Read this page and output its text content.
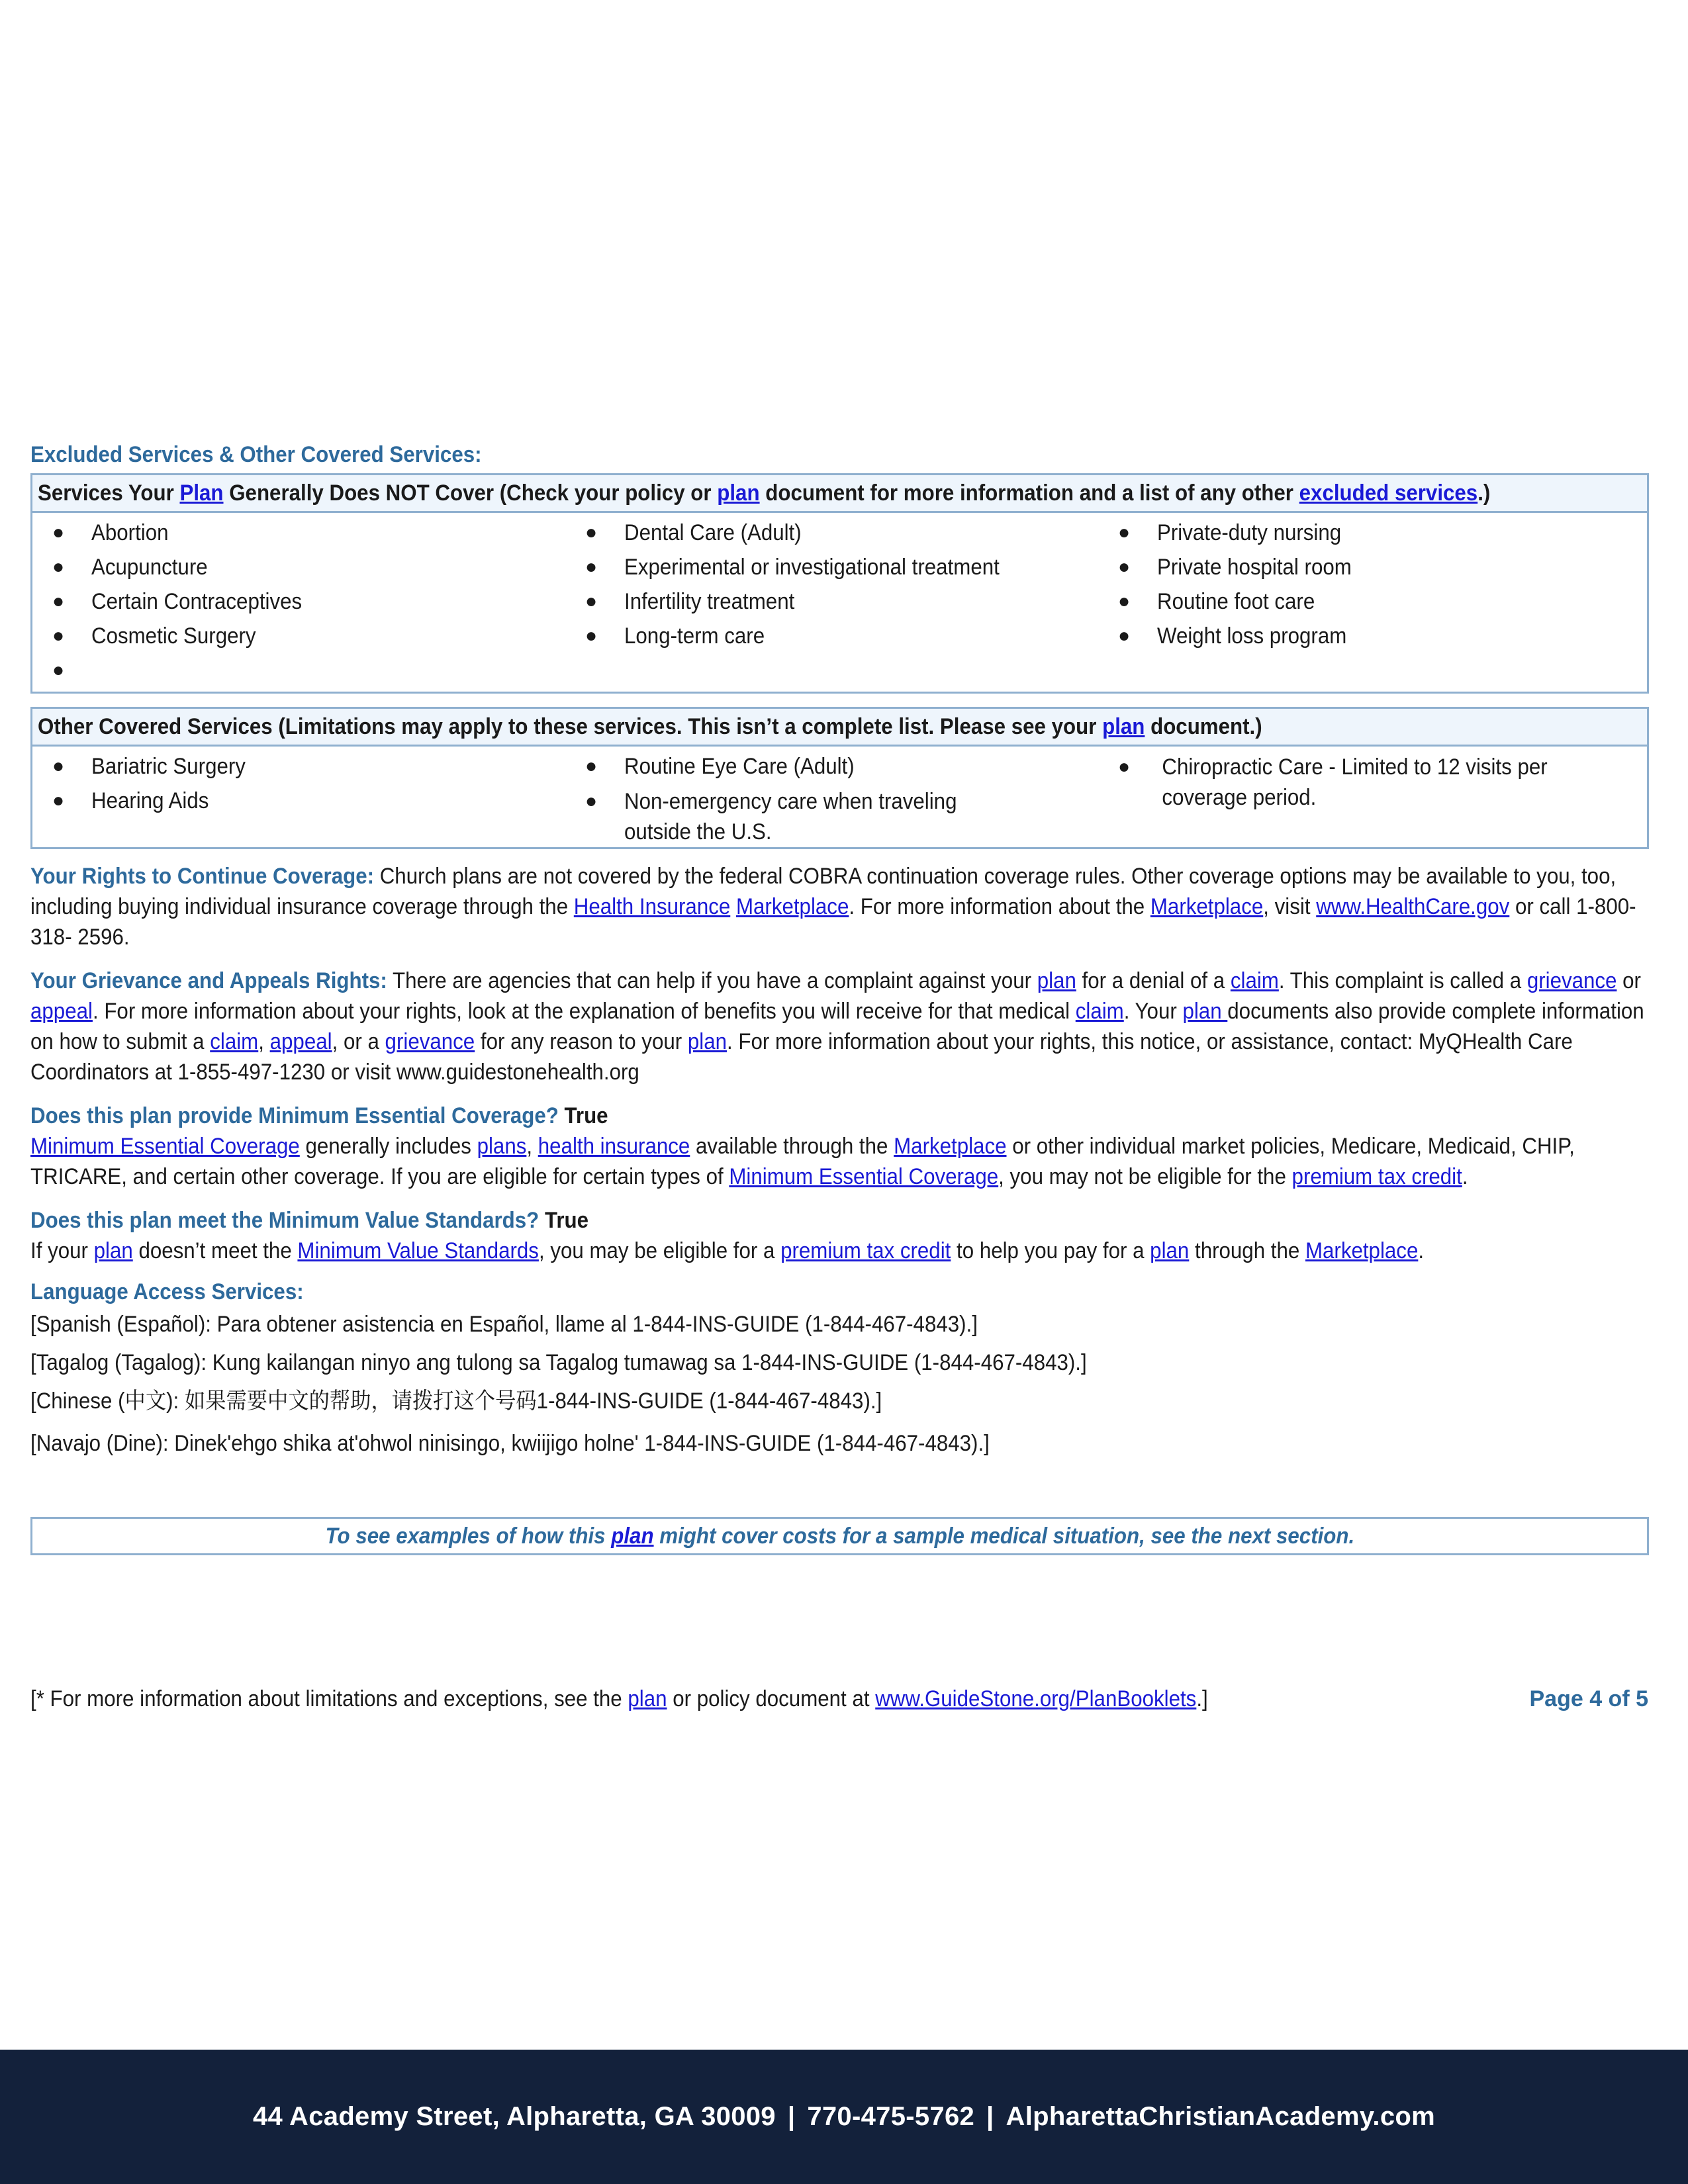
Excluded Services & Other Covered Services:
Services Your Plan Generally Does NOT Cover (Check your policy or plan document for more information and a list of any other excluded services.)
● Abortion
● Acupuncture
● Certain Contraceptives
● Cosmetic Surgery
●
● Dental Care (Adult)
● Experimental or investigational treatment
● Infertility treatment
● Long-term care
● Private-duty nursing
● Private hospital room
● Routine foot care
● Weight loss program
Other Covered Services (Limitations may apply to these services. This isn’t a complete list. Please see your plan document.)
● Bariatric Surgery
● Hearing Aids
● Routine Eye Care (Adult)
● Non-emergency care when traveling outside the U.S.
● Chiropractic Care - Limited to 12 visits per coverage period.

Your Rights to Continue Coverage: Church plans are not covered by the federal COBRA continuation coverage rules. Other coverage options may be available to you, too, including buying individual insurance coverage through the Health Insurance Marketplace. For more information about the Marketplace, visit www.HealthCare.gov or call 1-800-318- 2596.

Your Grievance and Appeals Rights: There are agencies that can help if you have a complaint against your plan for a denial of a claim. This complaint is called a grievance or appeal. For more information about your rights, look at the explanation of benefits you will receive for that medical claim. Your plan documents also provide complete information on how to submit a claim, appeal, or a grievance for any reason to your plan. For more information about your rights, this notice, or assistance, contact: MyQHealth Care Coordinators at 1-855-497-1230 or visit www.guidestonehealth.org

Does this plan provide Minimum Essential Coverage? True
Minimum Essential Coverage generally includes plans, health insurance available through the Marketplace or other individual market policies, Medicare, Medicaid, CHIP, TRICARE, and certain other coverage. If you are eligible for certain types of Minimum Essential Coverage, you may not be eligible for the premium tax credit.

Does this plan meet the Minimum Value Standards? True
If your plan doesn’t meet the Minimum Value Standards, you may be eligible for a premium tax credit to help you pay for a plan through the Marketplace.

Language Access Services:
[Spanish (Español): Para obtener asistencia en Español, llame al 1-844-INS-GUIDE (1-844-467-4843).]
[Tagalog (Tagalog): Kung kailangan ninyo ang tulong sa Tagalog tumawag sa 1-844-INS-GUIDE (1-844-467-4843).]
[Chinese (中文): 如果需要中文的帮助，请拨打这个号码1-844-INS-GUIDE (1-844-467-4843).]
[Navajo (Dine): Dinek'ehgo shika at'ohwol ninisingo, kwiijigo holne' 1-844-INS-GUIDE (1-844-467-4843).]
To see examples of how this plan might cover costs for a sample medical situation, see the next section.
[* For more information about limitations and exceptions, see the plan or policy document at www.GuideStone.org/PlanBooklets.]	Page 4 of 5
44 Academy Street, Alpharetta, GA 30009 | 770-475-5762 | AlpharettaChristianAcademy.com
